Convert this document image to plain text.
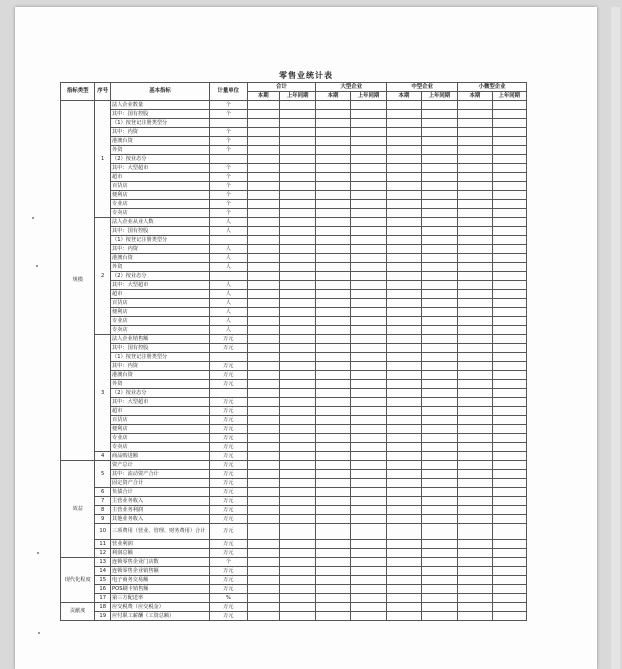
零售业统计表
指标类型	序号	基本指标	计量单位	合计		大型企业		中型企业		小微型企业	
				本期	上年同期	本期	上年同期	本期	上年同期	本期	上年同期
规模	1	法人企业数量	个								
		其中：国有控股	个								
		（1）按登记注册类型分									
		其中：内资	个								
		港澳台资	个								
		外资	个								
		（2）按业态分									
		其中：大型超市	个								
		超市	个								
		百货店	个								
		便利店	个								
		专业店	个								
		专卖店	个								
	2	法人企业从业人数	人								
		其中：国有控股	人								
		（1）按登记注册类型分									
		其中：内资	人								
		港澳台资	人								
		外资	人								
		（2）按业态分									
		其中：大型超市	人								
		超市	人								
		百货店	人								
		便利店	人								
		专业店	人								
		专卖店	人								
	3	法人企业销售额	万元								
		其中：国有控股	万元								
		（1）按登记注册类型分									
		其中：内资	万元								
		港澳台资	万元								
		外资	万元								
		（2）按业态分									
		其中：大型超市	万元								
		超市	万元								
		百货店	万元								
		便利店	万元								
		专业店	万元								
		专卖店	万元								
	4	商品购进额	万元								
效益	5	资产总计	万元								
		其中：流动资产合计	万元								
		固定资产合计	万元								
	6	负债合计	万元								
	7	主营业务收入	万元								
	8	主营业务利润	万元								
	9	其他业务收入	万元								
	10	三项费用（营业、管理、财务费用）合计	万元								
	11	营业利润	万元								
	12	利润总额	万元								
现代化程度	13	连锁零售企业门店数	个								
	14	连锁零售企业销售额	万元								
	15	电子商务交易额	万元								
	16	POS刷卡销售额	万元								
	17	第三方配送率	%								
贡献度	18	应交税费（应交税金）	万元								
	19	应付职工薪酬（工资总额）	万元								
